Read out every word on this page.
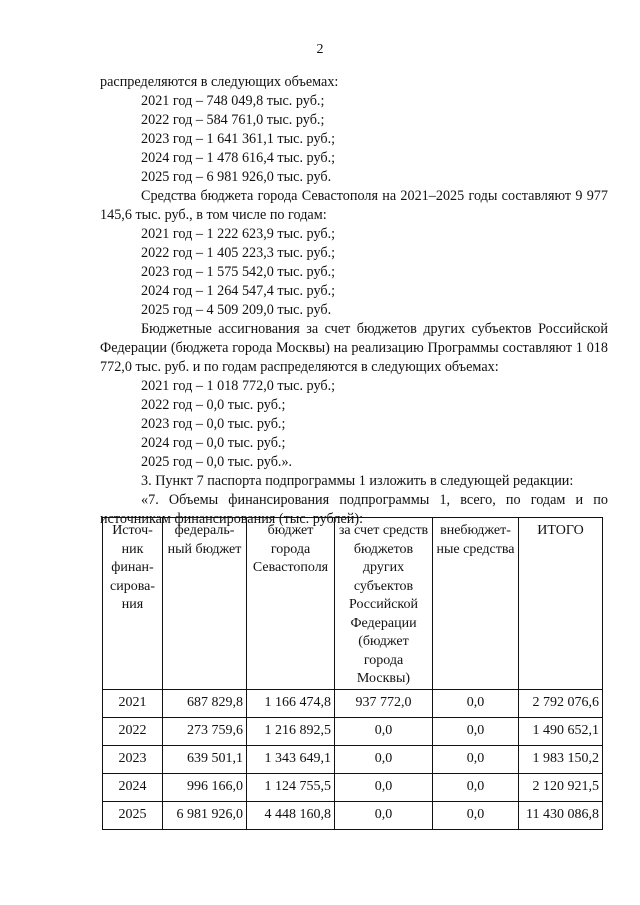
2

распределяются в следующих объемах:

2021 год – 748 049,8 тыс. руб.;

2022 год – 584 761,0 тыс. руб.;

2023 год – 1 641 361,1 тыс. руб.;

2024 год – 1 478 616,4 тыс. руб.;

2025 год – 6 981 926,0 тыс. руб.

Средства бюджета города Севастополя на 2021–2025 годы составляют 9 977 145,6 тыс. руб., в том числе по годам:

2021 год – 1 222 623,9 тыс. руб.;

2022 год – 1 405 223,3 тыс. руб.;

2023 год – 1 575 542,0 тыс. руб.;

2024 год – 1 264 547,4 тыс. руб.;

2025 год – 4 509 209,0 тыс. руб.

Бюджетные ассигнования за счет бюджетов других субъектов Российской Федерации (бюджета города Москвы) на реализацию Программы составляют 1 018 772,0 тыс. руб. и по годам распределяются в следующих объемах:

2021 год – 1 018 772,0 тыс. руб.;

2022 год – 0,0 тыс. руб.;

2023 год – 0,0 тыс. руб.;

2024 год – 0,0 тыс. руб.;

2025 год – 0,0 тыс. руб.».

3. Пункт 7 паспорта подпрограммы 1 изложить в следующей редакции:

«7. Объемы финансирования подпрограммы 1, всего, по годам и по источникам финансирования (тыс. рублей):

Источ-ник финан-сирова-ния	федераль-ный бюджет	бюджет города Севастополя	за счет средств бюджетов других субъектов Российской Федерации (бюджет города Москвы)	внебюджет-ные средства	ИТОГО
2021	687 829,8	1 166 474,8	937 772,0	0,0	2 792 076,6
2022	273 759,6	1 216 892,5	0,0	0,0	1 490 652,1
2023	639 501,1	1 343 649,1	0,0	0,0	1 983 150,2
2024	996 166,0	1 124 755,5	0,0	0,0	2 120 921,5
2025	6 981 926,0	4 448 160,8	0,0	0,0	11 430 086,8
